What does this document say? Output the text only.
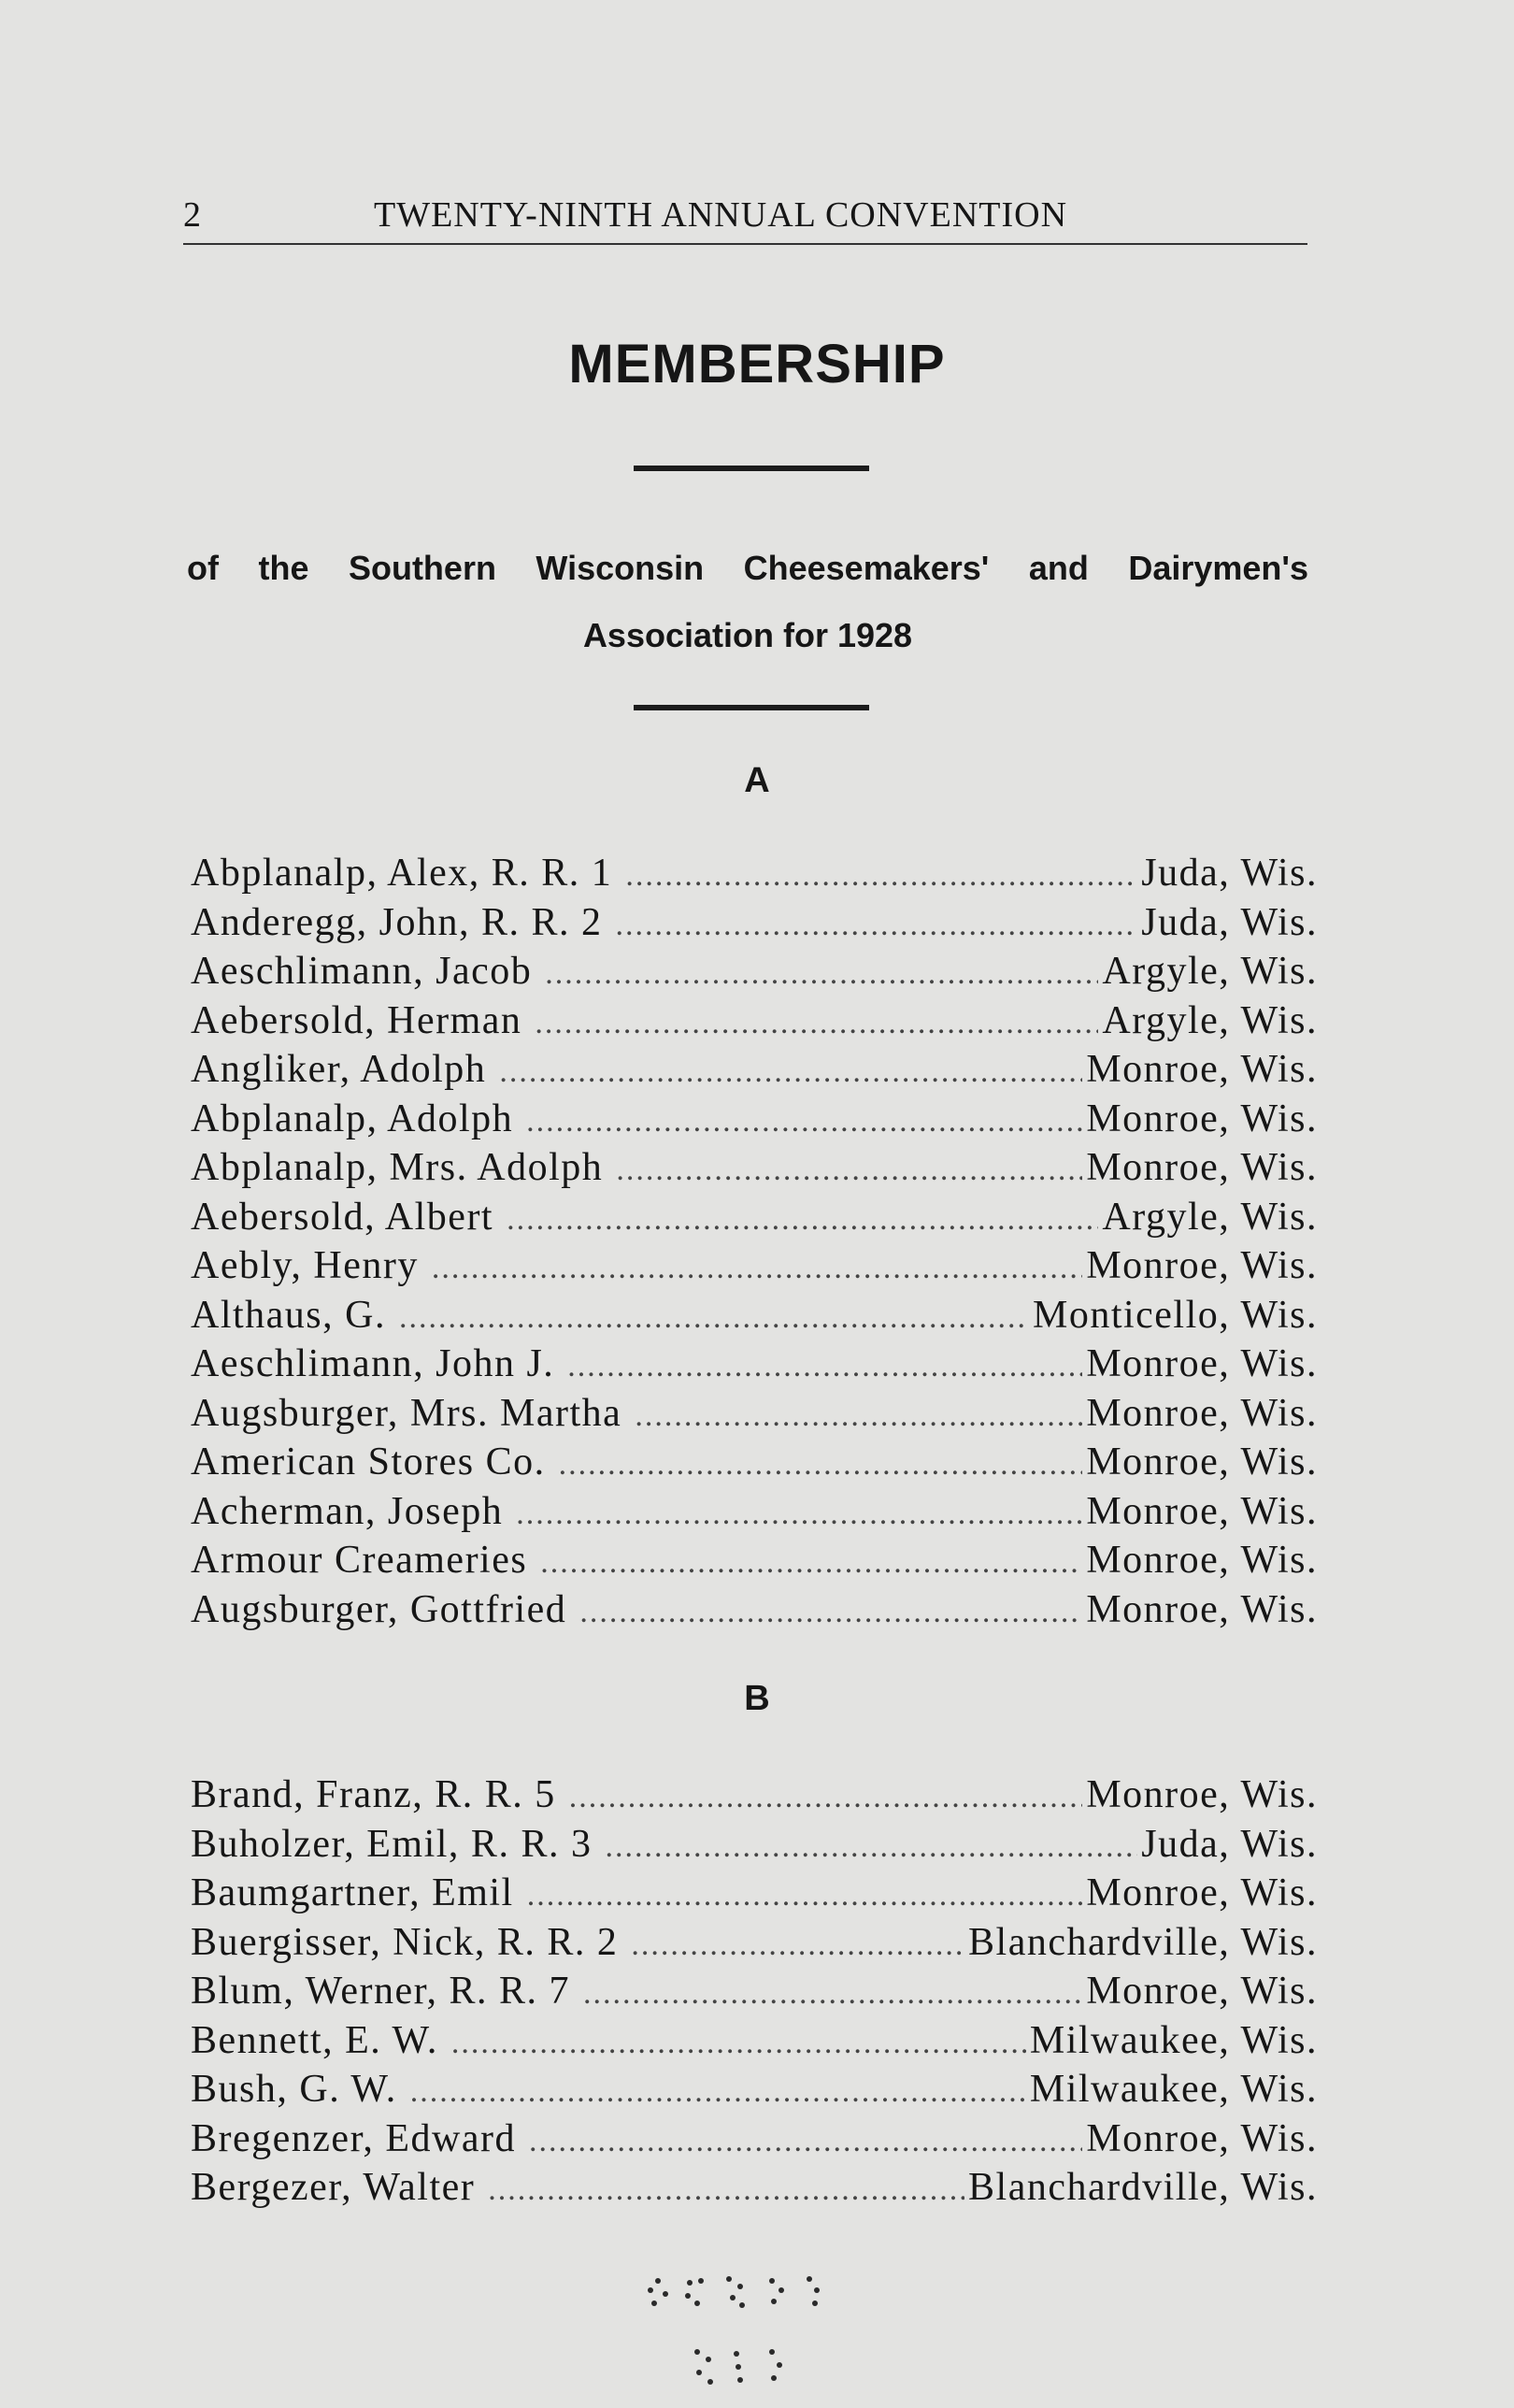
2	TWENTY-NINTH ANNUAL CONVENTION
MEMBERSHIP
of the Southern Wisconsin Cheesemakers' and Dairymen's Association for 1928
A
Abplanalp, Alex, R. R. 1 .....	Juda, Wis.
Anderegg, John, R. R. 2 .....	Juda, Wis.
Aeschlimann, Jacob .....	Argyle, Wis.
Aebersold, Herman .....	Argyle, Wis.
Angliker, Adolph .....	Monroe, Wis.
Abplanalp, Adolph .....	Monroe, Wis.
Abplanalp, Mrs. Adolph .....	Monroe, Wis.
Aebersold, Albert .....	Argyle, Wis.
Aebly, Henry .....	Monroe, Wis.
Althaus, G. .....	Monticello, Wis.
Aeschlimann, John J. .....	Monroe, Wis.
Augsburger, Mrs. Martha .....	Monroe, Wis.
American Stores Co. .....	Monroe, Wis.
Acherman, Joseph .....	Monroe, Wis.
Armour Creameries .....	Monroe, Wis.
Augsburger, Gottfried .....	Monroe, Wis.
B
Brand, Franz, R. R. 5 .....	Monroe, Wis.
Buholzer, Emil, R. R. 3 .....	Juda, Wis.
Baumgartner, Emil .....	Monroe, Wis.
Buergisser, Nick, R. R. 2 .....	Blanchardville, Wis.
Blum, Werner, R. R. 7 .....	Monroe, Wis.
Bennett, E. W. .....	Milwaukee, Wis.
Bush, G. W. .....	Milwaukee, Wis.
Bregenzer, Edward .....	Monroe, Wis.
Bergezer, Walter .....	Blanchardville, Wis.
